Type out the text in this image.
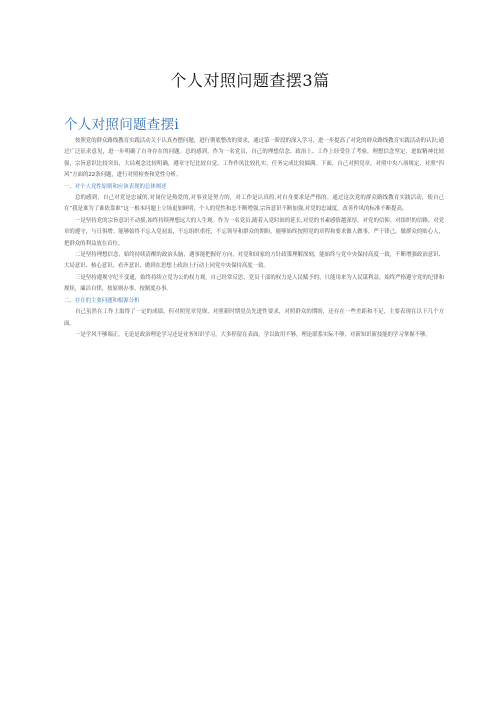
个人对照问题查摆3篇
个人对照问题查摆i

按照党的群众路线教育实践活动关于认真查摆问题，进行彻底整改的要求，通过第一阶段的深入学习，进一步提高了对党的群众路线教育实践活动的认识;通过广泛征求意见，进一步明确了自身存在的问题。总的感到，作为一名党员，自己的理想信念、政治上、工作上经受住了考验，理想信念坚定，进取精神比较强，宗旨意识比较突出，大局观念比较明确，遵章守纪比较自觉，工作作风比较扎实，任务完成比较圆满。下面，自己对照党章，对照中央八项规定，对照“四风”方面的22条问题，进行对照检查和党性分析。

一、对个人党性原则和应该表现的总体阐述

总的感到，自己对党是忠诚的,对岗位是热爱的,对事业是努力的，对工作是认真的,对自身要求是严格的。通过这次党的群众路线教育实践活动，使自己在“我是谁为了谁依靠谁”这一根本问题上立场更加鲜明，个人的党性和忠不断增强,宗旨意识不断加强,对党的忠诚度，改善作风的标准不断提高。

一是坚持党的宗旨意识不动摇,始终持续理想远大的人生观。作为一名党员,随着入党时间的延长,对党的书素感情越深厚，对党的信仰、对组织的信赖、对党章的遵守，与日俱增。能够始终不忘入党初衷，不忘组织重托，不忘领导和群众的期盼，能够始终按照党的章程和要求做人做事，严于律己，做群众的贴心人，把群众的利益放在首位。

二是坚持理想信念，始终持续清醒的政治头脑，遇事能把握好方向，对党和国家的方针政策理解深刻，能始终与党中央保持高度一致，不断增强政治意识、大局意识、核心意识、看齐意识，做到在思想上政治上行动上同党中央保持高度一致。

三是坚持遵规守纪不变通，始终持续立党为公的权力观。自己经常反思，党员干部的权力是人民赋予的，只能用来为人民谋利益。始终严格遵守党的纪律和规矩，廉洁自律，按原则办事，按制度办事。

二、存在的主要问题和根源分析

自己虽然在工作上取得了一定的成绩，但对照党章党规、对照新时期党员先进性要求，对照群众的期盼，还存在一些差距和不足，主要表现在以下几个方面。

一是学风不够端正。无论是政治理论学习还是业务知识学习，大多停留在表面，学以致用不够，理论联系实际不够，对新知识新技能的学习掌握不够。
